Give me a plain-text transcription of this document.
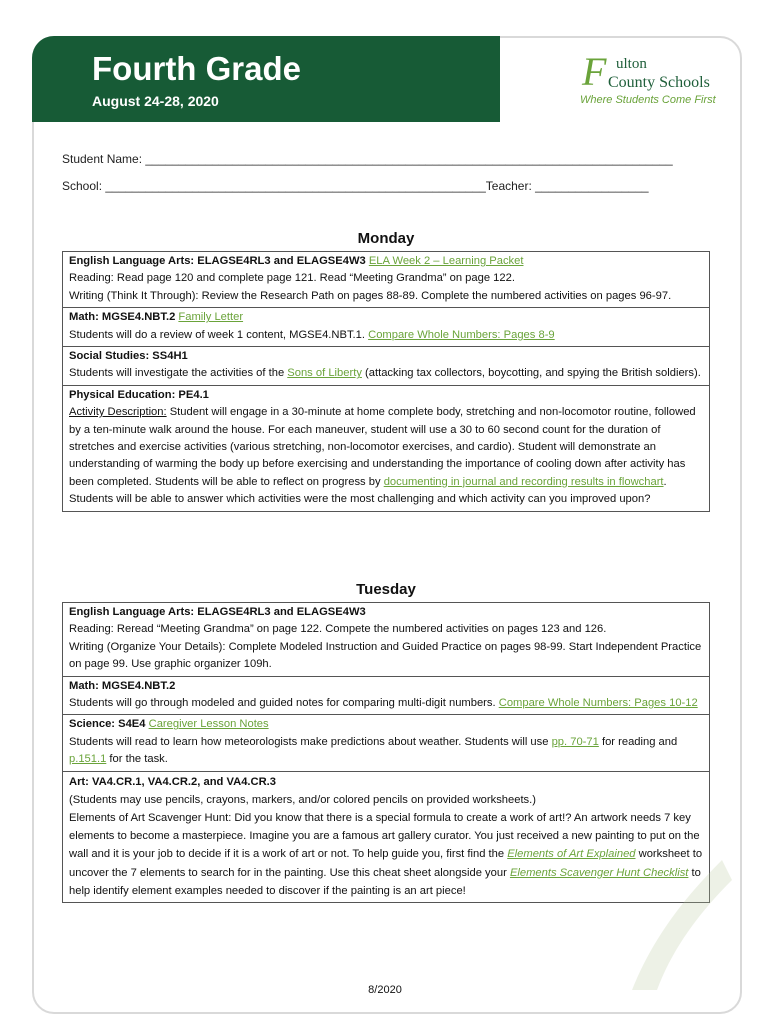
Fourth Grade
August 24-28, 2020
F ulton
County Schools
Where Students Come First
Student Name: _______________________________________________________________________________
School: _________________________________________________________Teacher: _________________
Monday
English Language Arts: ELAGSE4RL3 and ELAGSE4W3 ELA Week 2 – Learning Packet
Reading: Read page 120 and complete page 121. Read “Meeting Grandma” on page 122.
Writing (Think It Through): Review the Research Path on pages 88-89. Complete the numbered activities on pages 96-97.
Math: MGSE4.NBT.2 Family Letter
Students will do a review of week 1 content, MGSE4.NBT.1. Compare Whole Numbers: Pages 8-9
Social Studies: SS4H1
Students will investigate the activities of the Sons of Liberty (attacking tax collectors, boycotting, and spying the British soldiers).
Physical Education: PE4.1
Activity Description: Student will engage in a 30-minute at home complete body, stretching and non-locomotor routine, followed by a ten-minute walk around the house. For each maneuver, student will use a 30 to 60 second count for the duration of stretches and exercise activities (various stretching, non-locomotor exercises, and cardio). Student will demonstrate an understanding of warming the body up before exercising and understanding the importance of cooling down after activity has been completed. Students will be able to reflect on progress by documenting in journal and recording results in flowchart. Students will be able to answer which activities were the most challenging and which activity can you improved upon?
Tuesday
English Language Arts: ELAGSE4RL3 and ELAGSE4W3
Reading: Reread “Meeting Grandma” on page 122. Compete the numbered activities on pages 123 and 126.
Writing (Organize Your Details): Complete Modeled Instruction and Guided Practice on pages 98-99. Start Independent Practice on page 99. Use graphic organizer 109h.
Math: MGSE4.NBT.2
Students will go through modeled and guided notes for comparing multi-digit numbers. Compare Whole Numbers: Pages 10-12
Science: S4E4 Caregiver Lesson Notes
Students will read to learn how meteorologists make predictions about weather. Students will use pp. 70-71 for reading and p.151.1 for the task.
Art: VA4.CR.1, VA4.CR.2, and VA4.CR.3
(Students may use pencils, crayons, markers, and/or colored pencils on provided worksheets.)
Elements of Art Scavenger Hunt: Did you know that there is a special formula to create a work of art!? An artwork needs 7 key elements to become a masterpiece. Imagine you are a famous art gallery curator. You just received a new painting to put on the wall and it is your job to decide if it is a work of art or not. To help guide you, first find the Elements of Art Explained worksheet to uncover the 7 elements to search for in the painting. Use this cheat sheet alongside your Elements Scavenger Hunt Checklist to help identify element examples needed to discover if the painting is an art piece!
8/2020
